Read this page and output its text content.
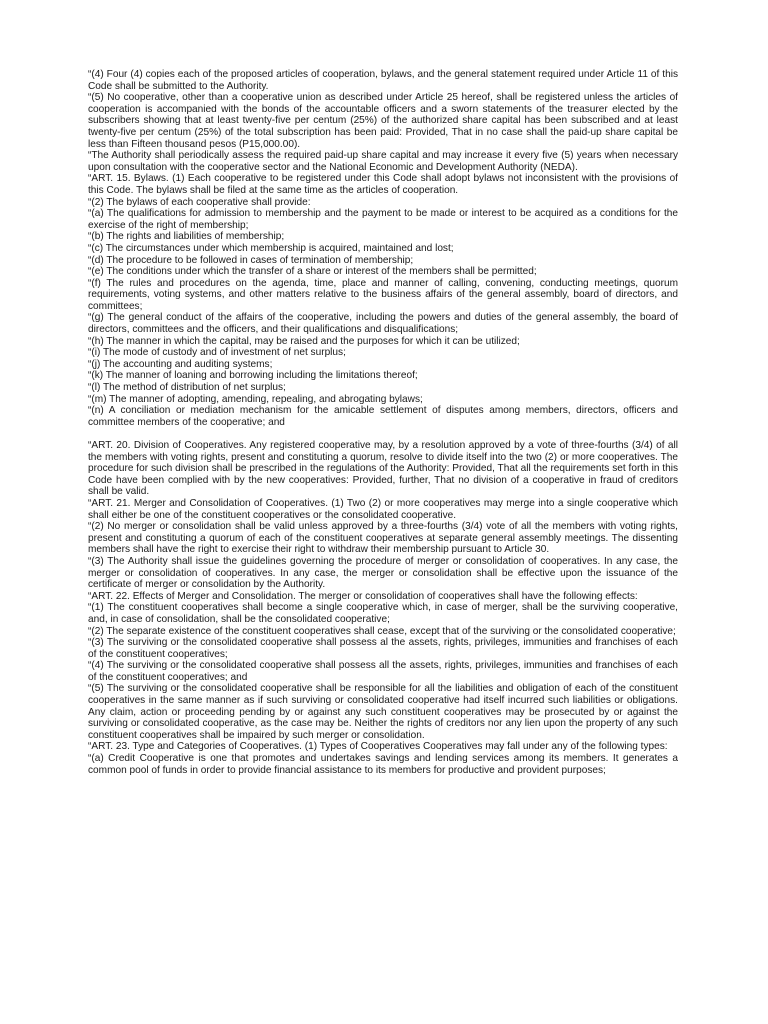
“(4) Four (4) copies each of the proposed articles of cooperation, bylaws, and the general statement required under Article 11 of this Code shall be submitted to the Authority.

“(5) No cooperative, other than a cooperative union as described under Article 25 hereof, shall be registered unless the articles of cooperation is accompanied with the bonds of the accountable officers and a sworn statements of the treasurer elected by the subscribers showing that at least twenty-five per centum (25%) of the authorized share capital has been subscribed and at least twenty-five per centum (25%) of the total subscription has been paid: Provided, That in no case shall the paid-up share capital be less than Fifteen thousand pesos (P15,000.00).

“The Authority shall periodically assess the required paid-up share capital and may increase it every five (5) years when necessary upon consultation with the cooperative sector and the National Economic and Development Authority (NEDA).

“ART. 15. Bylaws. (1) Each cooperative to be registered under this Code shall adopt bylaws not inconsistent with the provisions of this Code. The bylaws shall be filed at the same time as the articles of cooperation.

“(2) The bylaws of each cooperative shall provide:

“(a) The qualifications for admission to membership and the payment to be made or interest to be acquired as a conditions for the exercise of the right of membership;

“(b) The rights and liabilities of membership;

“(c) The circumstances under which membership is acquired, maintained and lost;

“(d) The procedure to be followed in cases of termination of membership;

“(e) The conditions under which the transfer of a share or interest of the members shall be permitted;

“(f) The rules and procedures on the agenda, time, place and manner of calling, convening, conducting meetings, quorum requirements, voting systems, and other matters relative to the business affairs of the general assembly, board of directors, and committees;

“(g) The general conduct of the affairs of the cooperative, including the powers and duties of the general assembly, the board of directors, committees and the officers, and their qualifications and disqualifications;

“(h) The manner in which the capital, may be raised and the purposes for which it can be utilized;

“(i) The mode of custody and of investment of net surplus;

“(j) The accounting and auditing systems;

“(k) The manner of loaning and borrowing including the limitations thereof;

“(l) The method of distribution of net surplus;

“(m) The manner of adopting, amending, repealing, and abrogating bylaws;

“(n) A conciliation or mediation mechanism for the amicable settlement of disputes among members, directors, officers and committee members of the cooperative; and

“ART. 20. Division of Cooperatives. Any registered cooperative may, by a resolution approved by a vote of three-fourths (3/4) of all the members with voting rights, present and constituting a quorum, resolve to divide itself into the two (2) or more cooperatives. The procedure for such division shall be prescribed in the regulations of the Authority: Provided, That all the requirements set forth in this Code have been complied with by the new cooperatives: Provided, further, That no division of a cooperative in fraud of creditors shall be valid.

“ART. 21. Merger and Consolidation of Cooperatives. (1) Two (2) or more cooperatives may merge into a single cooperative which shall either be one of the constituent cooperatives or the consolidated cooperative.

“(2) No merger or consolidation shall be valid unless approved by a three-fourths (3/4) vote of all the members with voting rights, present and constituting a quorum of each of the constituent cooperatives at separate general assembly meetings. The dissenting members shall have the right to exercise their right to withdraw their membership pursuant to Article 30.

“(3) The Authority shall issue the guidelines governing the procedure of merger or consolidation of cooperatives. In any case, the merger or consolidation of cooperatives. In any case, the merger or consolidation shall be effective upon the issuance of the certificate of merger or consolidation by the Authority.

“ART. 22. Effects of Merger and Consolidation. The merger or consolidation of cooperatives shall have the following effects:

“(1) The constituent cooperatives shall become a single cooperative which, in case of merger, shall be the surviving cooperative, and, in case of consolidation, shall be the consolidated cooperative;

“(2) The separate existence of the constituent cooperatives shall cease, except that of the surviving or the consolidated cooperative;

“(3) The surviving or the consolidated cooperative shall possess al the assets, rights, privileges, immunities and franchises of each of the constituent cooperatives;

“(4) The surviving or the consolidated cooperative shall possess all the assets, rights, privileges, immunities and franchises of each of the constituent cooperatives; and

“(5) The surviving or the consolidated cooperative shall be responsible for all the liabilities and obligation of each of the constituent cooperatives in the same manner as if such surviving or consolidated cooperative had itself incurred such liabilities or obligations. Any claim, action or proceeding pending by or against any such constituent cooperatives may be prosecuted by or against the surviving or consolidated cooperative, as the case may be. Neither the rights of creditors nor any lien upon the property of any such constituent cooperatives shall be impaired by such merger or consolidation.

“ART. 23. Type and Categories of Cooperatives. (1) Types of Cooperatives Cooperatives may fall under any of the following types:

“(a) Credit Cooperative is one that promotes and undertakes savings and lending services among its members. It generates a common pool of funds in order to provide financial assistance to its members for productive and provident purposes;
